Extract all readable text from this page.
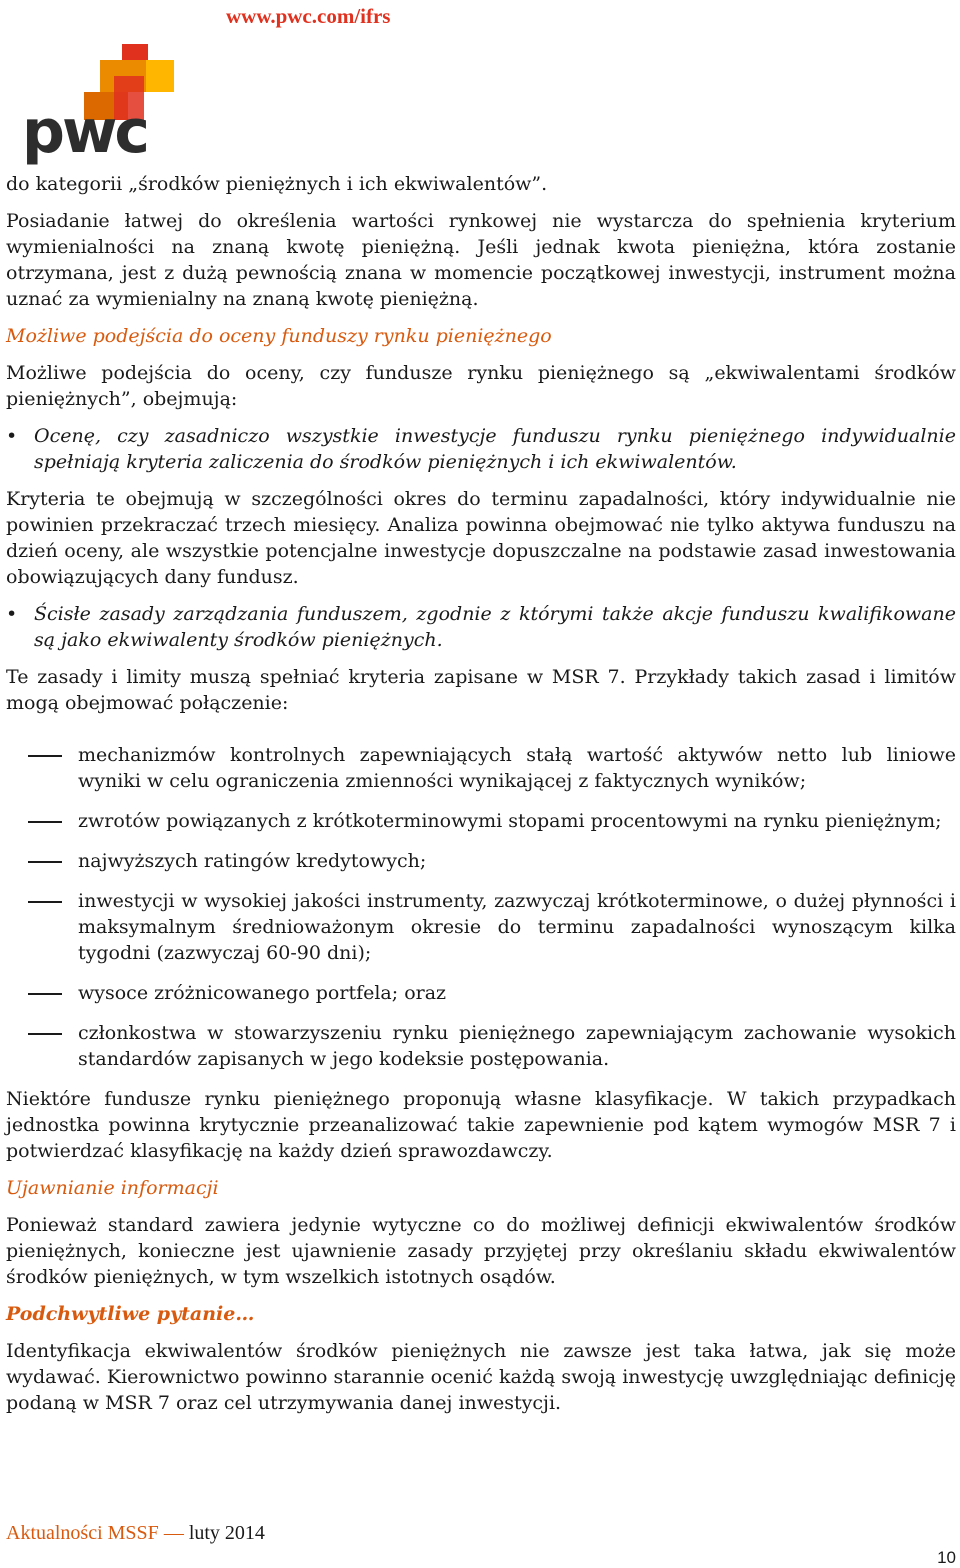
www.pwc.com/ifrs
pwc

do kategorii „środków pieniężnych i ich ekwiwalentów”.

Posiadanie łatwej do określenia wartości rynkowej nie wystarcza do spełnienia kryterium wymienialności na znaną kwotę pieniężną. Jeśli jednak kwota pieniężna, która zostanie otrzymana, jest z dużą pewnością znana w momencie początkowej inwestycji, instrument można uznać za wymienialny na znaną kwotę pieniężną.

Możliwe podejścia do oceny funduszy rynku pieniężnego

Możliwe podejścia do oceny, czy fundusze rynku pieniężnego są „ekwiwalentami środków pieniężnych”, obejmują:

• Ocenę, czy zasadniczo wszystkie inwestycje funduszu rynku pieniężnego indywidualnie spełniają kryteria zaliczenia do środków pieniężnych i ich ekwiwalentów.

Kryteria te obejmują w szczególności okres do terminu zapadalności, który indywidualnie nie powinien przekraczać trzech miesięcy. Analiza powinna obejmować nie tylko aktywa funduszu na dzień oceny, ale wszystkie potencjalne inwestycje dopuszczalne na podstawie zasad inwestowania obowiązujących dany fundusz.

• Ścisłe zasady zarządzania funduszem, zgodnie z którymi także akcje funduszu kwalifikowane są jako ekwiwalenty środków pieniężnych.

Te zasady i limity muszą spełniać kryteria zapisane w MSR 7. Przykłady takich zasad i limitów mogą obejmować połączenie:

mechanizmów kontrolnych zapewniających stałą wartość aktywów netto lub liniowe wyniki w celu ograniczenia zmienności wynikającej z faktycznych wyników;
zwrotów powiązanych z krótkoterminowymi stopami procentowymi na rynku pieniężnym;
najwyższych ratingów kredytowych;
inwestycji w wysokiej jakości instrumenty, zazwyczaj krótkoterminowe, o dużej płynności i maksymalnym średnioważonym okresie do terminu zapadalności wynoszącym kilka tygodni (zazwyczaj 60-90 dni);
wysoce zróżnicowanego portfela; oraz
członkostwa w stowarzyszeniu rynku pieniężnego zapewniającym zachowanie wysokich standardów zapisanych w jego kodeksie postępowania.

Niektóre fundusze rynku pieniężnego proponują własne klasyfikacje. W takich przypadkach jednostka powinna krytycznie przeanalizować takie zapewnienie pod kątem wymogów MSR 7 i potwierdzać klasyfikację na każdy dzień sprawozdawczy.

Ujawnianie informacji

Ponieważ standard zawiera jedynie wytyczne co do możliwej definicji ekwiwalentów środków pieniężnych, konieczne jest ujawnienie zasady przyjętej przy określaniu składu ekwiwalentów środków pieniężnych, w tym wszelkich istotnych osądów.

Podchwytliwe pytanie…

Identyfikacja ekwiwalentów środków pieniężnych nie zawsze jest taka łatwa, jak się może wydawać. Kierownictwo powinno starannie ocenić każdą swoją inwestycję uwzględniając definicję podaną w MSR 7 oraz cel utrzymywania danej inwestycji.

Aktualności MSSF — luty 2014
10
